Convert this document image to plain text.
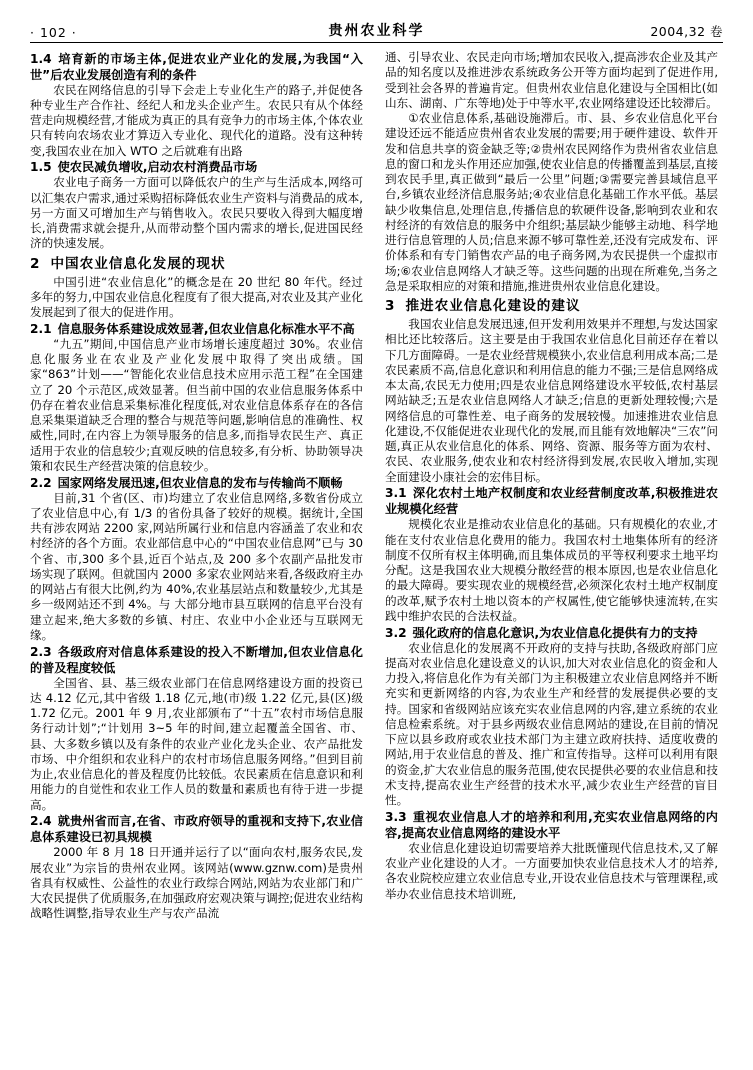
· 102 ·	贵州农业科学	2004,32 卷

1.4 培育新的市场主体,促进农业产业化的发展,为我国“入世”后农业发展创造有利的条件

农民在网络信息的引导下会走上专业化生产的路子,并促使各种专业生产合作社、经纪人和龙头企业产生。农民只有从个体经营走向规模经营,才能成为真正的具有竞争力的市场主体,个体农业只有转向农场农业才算迈入专业化、现代化的道路。没有这种转变,我国农业在加入 WTO 之后就难有出路

1.5 使农民减负增收,启动农村消费品市场

农业电子商务一方面可以降低农户的生产与生活成本,网络可以汇集农户需求,通过采购招标降低农业生产资料与消费品的成本,另一方面又可增加生产与销售收入。农民只要收入得到大幅度增长,消费需求就会提升,从而带动整个国内需求的增长,促进国民经济的快速发展。

2 中国农业信息化发展的现状

中国引进“农业信息化”的概念是在 20 世纪 80 年代。经过多年的努力,中国农业信息化程度有了很大提高,对农业及其产业化发展起到了很大的促进作用。

2.1 信息服务体系建设成效显著,但农业信息化标准水平不高

“九五”期间,中国信息产业市场增长速度超过 30%。农业信息化服务业在农业及产业化发展中取得了突出成绩。国家“863”计划——“智能化农业信息技术应用示范工程”在全国建立了 20 个示范区,成效显著。但当前中国的农业信息服务体系中仍存在着农业信息采集标准化程度低,对农业信息体系存在的各信息采集渠道缺乏合理的整合与规范等问题,影响信息的准确性、权威性,同时,在内容上为领导服务的信息多,而指导农民生产、真正适用于农业的信息较少;直观反映的信息较多,有分析、协助领导决策和农民生产经营决策的信息较少。

2.2 国家网络发展迅速,但农业信息的发布与传输尚不顺畅

目前,31 个省(区、市)均建立了农业信息网络,多数省份成立了农业信息中心,有 1/3 的省份具备了较好的规模。据统计,全国共有涉农网站 2200 家,网站所属行业和信息内容涵盖了农业和农村经济的各个方面。农业部信息中心的“中国农业信息网”已与 30 个省、市,300 多个县,近百个站点,及 200 多个农副产品批发市场实现了联网。但就国内 2000 多家农业网站来看,各级政府主办的网站占有很大比例,约为 40%,农业基层站点和数量较少,尤其是乡一级网站还不到 4%。与 大部分地市县互联网的信息平台没有建立起来,绝大多数的乡镇、村庄、农业中小企业还与互联网无缘。

2.3 各级政府对信息体系建设的投入不断增加,但农业信息化的普及程度较低

全国省、县、基三级农业部门在信息网络建设方面的投资已达 4.12 亿元,其中省级 1.18 亿元,地(市)级 1.22 亿元,县(区)级 1.72 亿元。2001 年 9 月,农业部颁布了“十五”农村市场信息服务行动计划”;“计划用 3~5 年的时间,建立起覆盖全国省、市、县、大多数乡镇以及有条件的农业产业化龙头企业、农产品批发市场、中介组织和农业科户的农村市场信息服务网络。”但到目前为止,农业信息化的普及程度仍比较低。农民素质在信息意识和利用能力的自觉性和农业工作人员的数量和素质也有待于进一步提高。

2.4 就贵州省而言,在省、市政府领导的重视和支持下,农业信息体系建设已初具规模

2000 年 8 月 18 日开通并运行了以“面向农村,服务农民,发展农业”为宗旨的贵州农业网。该网站(www.gznw.com)是贵州省具有权威性、公益性的农业行政综合网站,网站为农业部门和广大农民提供了优质服务,在加强政府宏观决策与调控;促进农业结构战略性调整,指导农业生产与农产品流

通、引导农业、农民走向市场;增加农民收入,提高涉农企业及其产品的知名度以及推进涉农系统政务公开等方面均起到了促进作用,受到社会各界的普遍肯定。但贵州农业信息化建设与全国相比(如山东、湖南、广东等地)处于中等水平,农业网络建设还比较滞后。

①农业信息体系,基础设施滞后。市、县、乡农业信息化平台建设还远不能适应贵州省农业发展的需要;用于硬件建设、软件开发和信息共享的资金缺乏等;②贵州农民网络作为贵州省农业信息息的窗口和龙头作用还应加强,使农业信息的传播覆盖到基层,直接到农民手里,真正做到“最后一公里”问题;③需要完善县域信息平台,乡镇农业经济信息服务站;④农业信息化基础工作水平低。基层缺少收集信息,处理信息,传播信息的软硬件设备,影响到农业和农村经济的有效信息的服务中介组织;基层缺少能够主动地、科学地进行信息管理的人员;信息来源不够可靠性差,还没有完成发布、评价体系和有专门销售农产品的电子商务网,为农民提供一个虚拟市场;⑥农业信息网络人才缺乏等。这些问题的出现在所难免,当务之急是采取相应的对策和措施,推进贵州农业信息化建设。

3 推进农业信息化建设的建议

我国农业信息发展迅速,但开发利用效果并不理想,与发达国家相比还比较落后。这主要是由于我国农业信息化目前还存在着以下几方面障碍。一是农业经营规模狭小,农业信息利用成本高;二是农民素质不高,信息化意识和利用信息的能力不强;三是信息网络成本太高,农民无力使用;四是农业信息网络建设水平较低,农村基层网站缺乏;五是农业信息网络人才缺乏;信息的更新处理较慢;六是网络信息的可靠性差、电子商务的发展较慢。加速推进农业信息化建设,不仅能促进农业现代化的发展,而且能有效地解决“三农”问题,真正从农业信息化的体系、网络、资源、服务等方面为农村、农民、农业服务,使农业和农村经济得到发展,农民收入增加,实现全面建设小康社会的宏伟目标。

3.1 深化农村土地产权制度和农业经营制度改革,积极推进农业规模化经营

规模化农业是推动农业信息化的基础。只有规模化的农业,才能在支付农业信息化费用的能力。我国农村土地集体所有的经济制度不仅所有权主体明确,而且集体成员的平等权利要求土地平均分配。这是我国农业大规模分散经营的根本原因,也是农业信息化的最大障碍。要实现农业的规模经营,必须深化农村土地产权制度的改革,赋予农村土地以资本的产权属性,使它能够快速流转,在实践中维护农民的合法权益。

3.2 强化政府的信息化意识,为农业信息化提供有力的支持

农业信息化的发展离不开政府的支持与扶助,各级政府部门应提高对农业信息化建设意义的认识,加大对农业信息化的资金和人力投入,将信息化作为有关部门为主积极建立农业信息网络并不断充实和更新网络的内容,为农业生产和经营的发展提供必要的支持。国家和省级网站应该充实农业信息网的内容,建立系统的农业信息检索系统。对于县乡两级农业信息网站的建设,在目前的情况下应以县乡政府或农业技术部门为主建立政府扶持、适度收费的网站,用于农业信息的普及、推广和宣传指导。这样可以利用有限的资金,扩大农业信息的服务范围,使农民提供必要的农业信息和技术支持,提高农业生产经营的技术水平,减少农业生产经营的盲目性。

3.3 重视农业信息人才的培养和利用,充实农业信息网络的内容,提高农业信息网络的建设水平

农业信息化建设迫切需要培养大批既懂现代信息技术,又了解农业产业化建设的人才。一方面要加快农业信息技术人才的培养,各农业院校应建立农业信息专业,开设农业信息技术与管理课程,或举办农业信息技术培训班,
